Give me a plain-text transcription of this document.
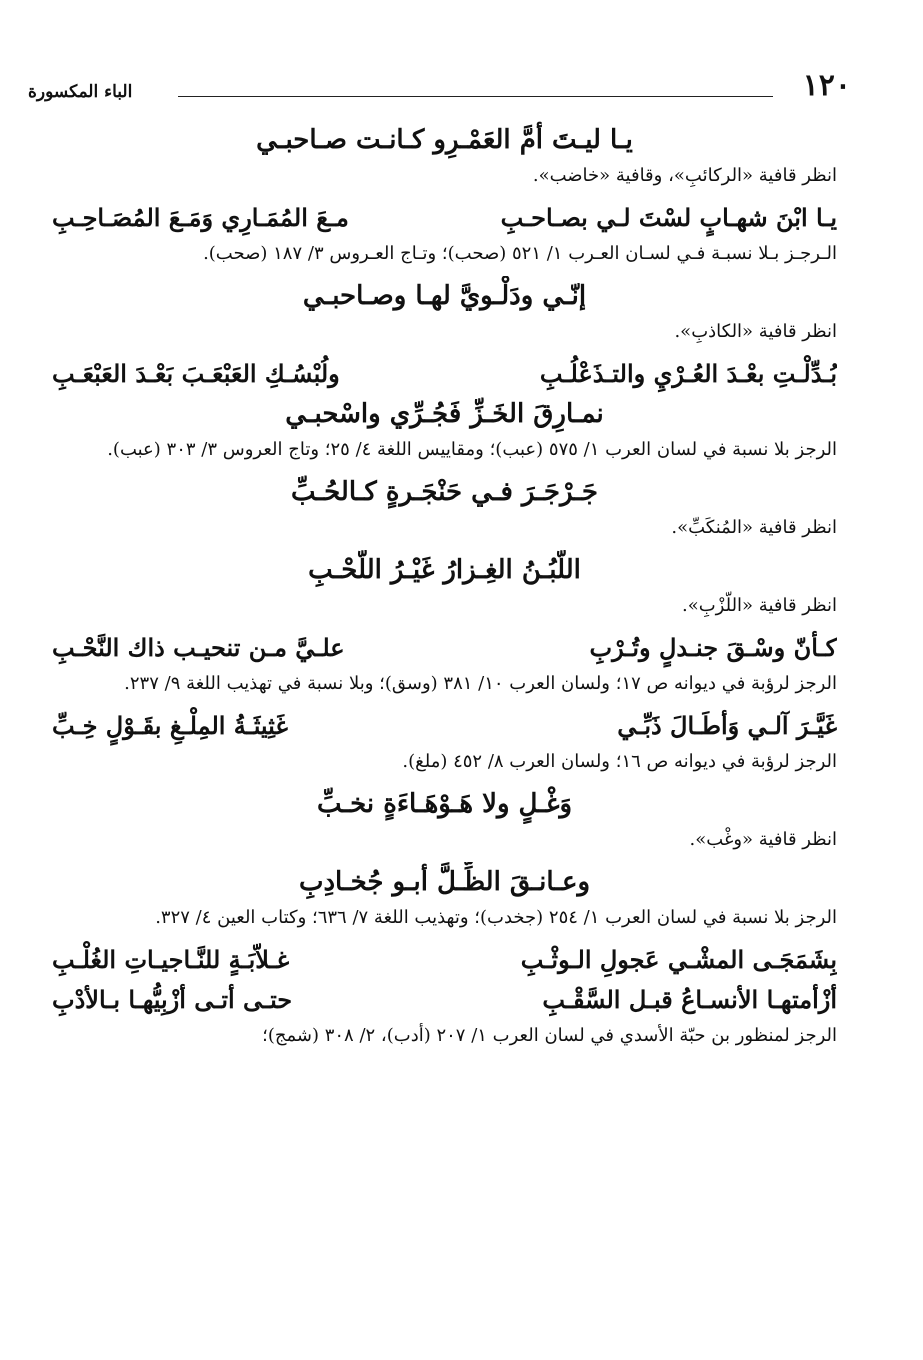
١٢٠
الباء المكسورة
يـا ليـتَ أمَّ العَمْـرِو كـانـت صـاحبـي

انظر قافية «الركائبِ»، وقافية «خاضب».

يـا ابْنَ شهـابٍ لسْتَ لـي بصـاحـبِ
مـعَ المُمَـارِي وَمَـعَ المُصَـاحِـبِ

الـرجـز بـلا نسبـة فـي لسـان العـرب ١/ ٥٢١ (صحب)؛ وتـاج العـروس ٣/ ١٨٧ (صحب).

إنّـي ودَلْـويَّ لهـا وصـاحبـي

انظر قافية «الكاذبِ».

بُـدِّلْـتِ بعْـدَ العُـرْيِ والتـذَعْلُـبِ
ولُبْسُـكِ العَبْعَـبَ بَعْـدَ العَبْعَـبِ
نمـارِقَ الخَـزِّ فَجُـرِّي واسْحبـي

الرجز بلا نسبة في لسان العرب ١/ ٥٧٥ (عبب)؛ ومقاييس اللغة ٤/ ٢٥؛ وتاج العروس ٣/ ٣٠٣ (عبب).

جَـرْجَـرَ فـي حَنْجَـرةٍ كـالحُـبِّ

انظر قافية «المُنكَبِّ».

اللُّبُـنُ الغِـزارُ غَيْـرُ اللَّحْـبِ

انظر قافية «اللّزْبِ».

كـأنّ وسْـقَ جنـدلٍ وتُـرْبِ
علـيَّ مـن تنحيـب ذاك النَّحْـبِ

الرجز لرؤبة في ديوانه ص ١٧؛ ولسان العرب ١٠/ ٣٨١ (وسق)؛ وبلا نسبة في تهذيب اللغة ٩/ ٢٣٧.

غَيَّـرَ آلـي وَأطَـالَ ذَبِّـي
غَثِيثَـةُ المِلْـغِ بقَـوْلٍ خِـبِّ

الرجز لرؤبة في ديوانه ص ١٦؛ ولسان العرب ٨/ ٤٥٢ (ملغ).

وَغْـلٍ ولا هَـوْهَـاءَةٍ نخـبِّ

انظر قافية «وغْب».

وعـانـقَ الظِّـلَّ أبـو جُخـادِبِ

الرجز بلا نسبة في لسان العرب ١/ ٢٥٤ (جخدب)؛ وتهذيب اللغة ٧/ ٦٣٦؛ وكتاب العين ٤/ ٣٢٧.

بِشَمَجَـى المشْـي عَجولِ الـوثْـبِ
غـلاّبَـةٍ للنَّـاجيـاتِ الغُلْـبِ
أزْأمتهـا الأنسـاعُ قبـل السَّقْـبِ
حتـى أتـى أزْبِيُّهـا بـالأدْبِ

الرجز لمنظور بن حبّة الأسدي في لسان العرب ١/ ٢٠٧ (أدب)، ٢/ ٣٠٨ (شمج)؛
